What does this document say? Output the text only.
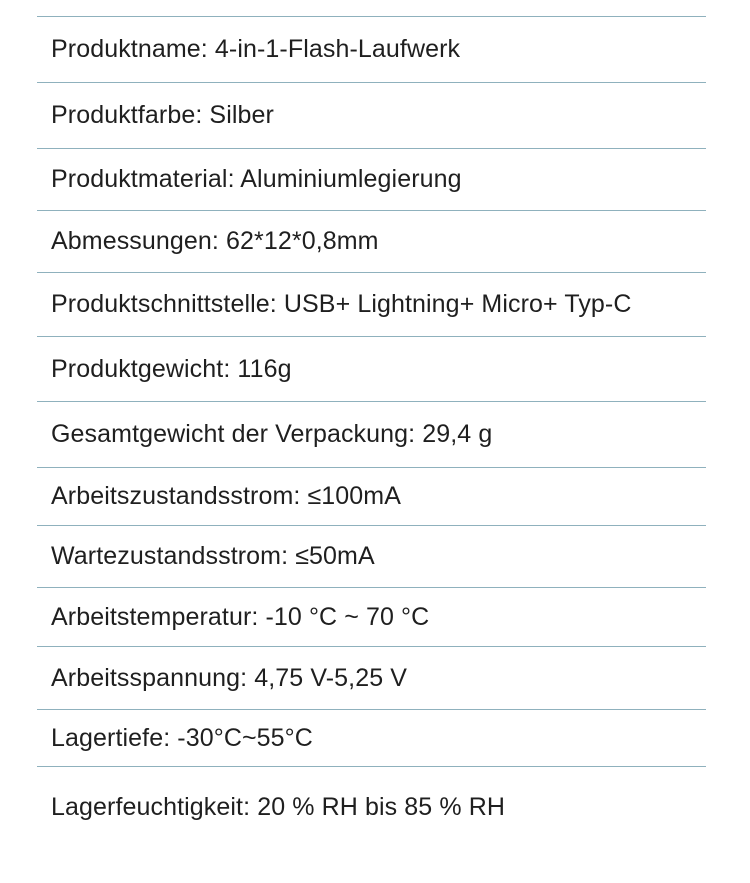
Produktname: 4-in-1-Flash-Laufwerk
Produktfarbe: Silber
Produktmaterial: Aluminiumlegierung
Abmessungen: 62*12*0,8mm
Produktschnittstelle: USB+ Lightning+ Micro+ Typ-C
Produktgewicht: 116g
Gesamtgewicht der Verpackung: 29,4 g
Arbeitszustandsstrom: ≤100mA
Wartezustandsstrom: ≤50mA
Arbeitstemperatur: -10 °C ~ 70 °C
Arbeitsspannung: 4,75 V-5,25 V
Lagertiefe: -30°C~55°C
Lagerfeuchtigkeit: 20 % RH bis 85 % RH
